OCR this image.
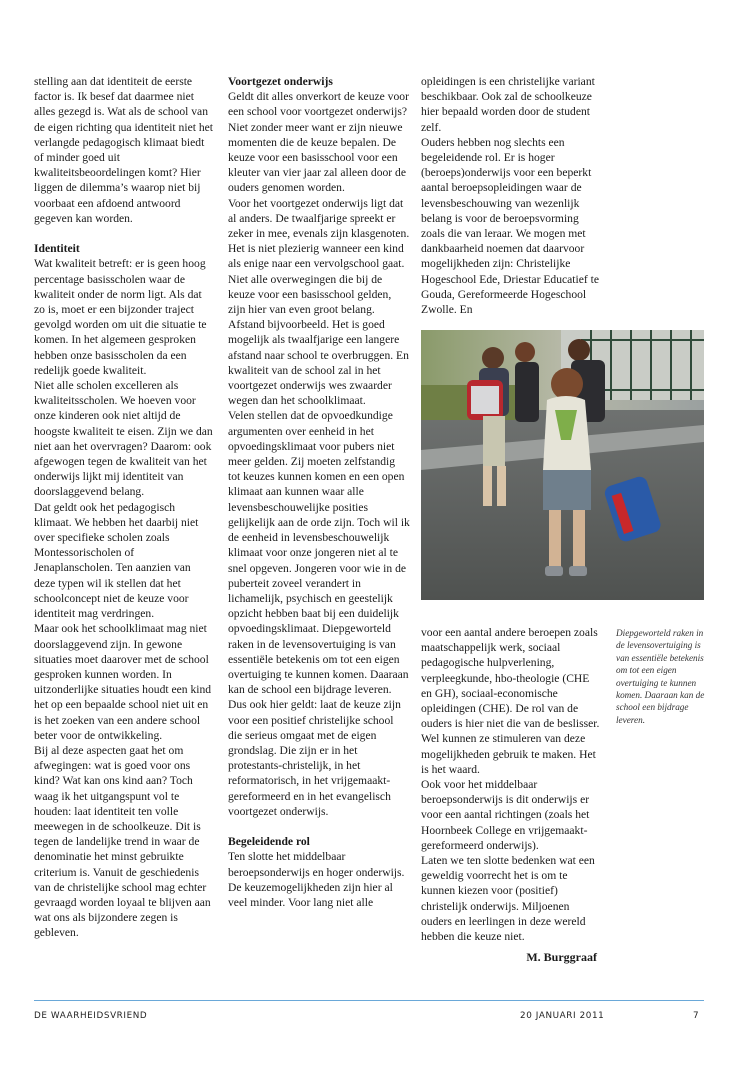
stelling aan dat identiteit de eerste factor is. Ik besef dat daarmee niet alles gezegd is. Wat als de school van de eigen richting qua identiteit niet het verlangde pedagogisch klimaat biedt of minder goed uit kwaliteitsbeoordelingen komt? Hier liggen de dilemma’s waarop niet bij voorbaat een afdoend antwoord gegeven kan worden.
Identiteit
Wat kwaliteit betreft: er is geen hoog percentage basisscholen waar de kwaliteit onder de norm ligt. Als dat zo is, moet er een bijzonder traject gevolgd worden om uit die situatie te komen. In het algemeen gesproken hebben onze basisscholen da een redelijk goede kwaliteit.
Niet alle scholen excelleren als kwaliteitsscholen. We hoeven voor onze kinderen ook niet altijd de hoogste kwaliteit te eisen. Zijn we dan niet aan het overvragen? Daarom: ook afgewogen tegen de kwaliteit van het onderwijs lijkt mij identiteit van doorslaggevend belang.
Dat geldt ook het pedagogisch klimaat. We hebben het daarbij niet over specifieke scholen zoals Montessorischolen of Jenaplanscholen. Ten aanzien van deze typen wil ik stellen dat het schoolconcept niet de keuze voor identiteit mag verdringen.
Maar ook het schoolklimaat mag niet doorslaggevend zijn. In gewone situaties moet daarover met de school gesproken kunnen worden. In uitzonderlijke situaties houdt een kind het op een bepaalde school niet uit en is het zoeken van een andere school beter voor de ontwikkeling.
Bij al deze aspecten gaat het om afwegingen: wat is goed voor ons kind? Wat kan ons kind aan? Toch waag ik het uitgangspunt vol te houden: laat identiteit ten volle meewegen in de schoolkeuze. Dit is tegen de landelijke trend in waar de denominatie het minst gebruikte criterium is. Vanuit de geschiedenis van de christelijke school mag echter gevraagd worden loyaal te blijven aan wat ons als bijzondere zegen is gebleven.
Voortgezet onderwijs
Geldt dit alles onverkort de keuze voor een school voor voortgezet onderwijs? Niet zonder meer want er zijn nieuwe momenten die de keuze bepalen. De keuze voor een basisschool voor een kleuter van vier jaar zal alleen door de ouders genomen worden.
Voor het voortgezet onderwijs ligt dat al anders. De twaalfjarige spreekt er zeker in mee, evenals zijn klasgenoten. Het is niet plezierig wanneer een kind als enige naar een vervolgschool gaat. Niet alle overwegingen die bij de keuze voor een basisschool gelden, zijn hier van even groot belang. Afstand bijvoorbeeld. Het is goed mogelijk als twaalfjarige een langere afstand naar school te overbruggen. En kwaliteit van de school zal in het voortgezet onderwijs wes zwaarder wegen dan het schoolklimaat.
Velen stellen dat de opvoedkundige argumenten over eenheid in het opvoedingsklimaat voor pubers niet meer gelden. Zij moeten zelfstandig tot keuzes kunnen komen en een open klimaat aan kunnen waar alle levensbeschouwelijke posities gelijkelijk aan de orde zijn. Toch wil ik de eenheid in levensbeschouwelijk klimaat voor onze jongeren niet al te snel opgeven. Jongeren voor wie in de puberteit zoveel verandert in lichamelijk, psychisch en geestelijk opzicht hebben baat bij een duidelijk opvoedingsklimaat. Diepgeworteld raken in de levensovertuiging is van essentiële betekenis om tot een eigen overtuiging te kunnen komen. Daaraan kan de school een bijdrage leveren. Dus ook hier geldt: laat de keuze zijn voor een positief christelijke school die serieus omgaat met de eigen grondslag. Die zijn er in het protestants-christelijk, in het reformatorisch, in het vrijgemaakt-gereformeerd en in het evangelisch voortgezet onderwijs.
Begeleidende rol
Ten slotte het middelbaar beroepsonderwijs en hoger onderwijs. De keuzemogelijkheden zijn hier al veel minder. Voor lang niet alle
opleidingen is een christelijke variant beschikbaar. Ook zal de schoolkeuze hier bepaald worden door de student zelf.
Ouders hebben nog slechts een begeleidende rol. Er is hoger (beroeps)onderwijs voor een beperkt aantal beroepsopleidingen waar de levensbeschouwing van wezenlijk belang is voor de beroepsvorming zoals die van leraar. We mogen met dankbaarheid noemen dat daarvoor mogelijkheden zijn: Christelijke Hogeschool Ede, Driestar Educatief te Gouda, Gereformeerde Hogeschool Zwolle. En
voor een aantal andere beroepen zoals maatschappelijk werk, sociaal pedagogische hulpverlening, verpleegkunde, hbo-theologie (CHE en GH), sociaal-economische opleidingen (CHE). De rol van de ouders is hier niet die van de beslisser. Wel kunnen ze stimuleren van deze mogelijkheden gebruik te maken. Het is het waard.
Ook voor het middelbaar beroepsonderwijs is dit onderwijs er voor een aantal richtingen (zoals het Hoornbeek College en vrijgemaakt-gereformeerd onderwijs).
Laten we ten slotte bedenken wat een geweldig voorrecht het is om te kunnen kiezen voor (positief) christelijk onderwijs. Miljoenen ouders en leerlingen in deze wereld hebben die keuze niet.
M. Burggraaf
Diepgeworteld raken in de levensovertuiging is van essentiële betekenis om tot een eigen overtuiging te kunnen komen. Daaraan kan de school een bijdrage leveren.
DE WAARHEIDSVRIEND	20 JANUARI 2011	7
